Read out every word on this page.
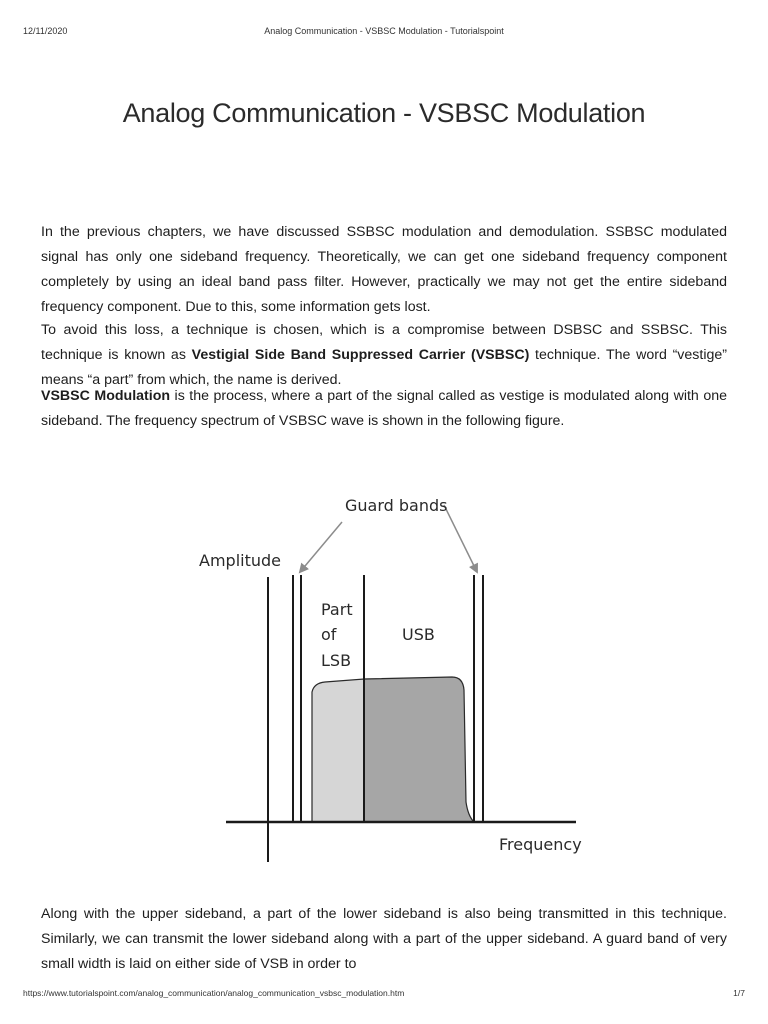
12/11/2020	Analog Communication - VSBSC Modulation - Tutorialspoint
Analog Communication - VSBSC Modulation

In the previous chapters, we have discussed SSBSC modulation and demodulation. SSBSC modulated signal has only one sideband frequency. Theoretically, we can get one sideband frequency component completely by using an ideal band pass filter. However, practically we may not get the entire sideband frequency component. Due to this, some information gets lost.

To avoid this loss, a technique is chosen, which is a compromise between DSBSC and SSBSC. This technique is known as Vestigial Side Band Suppressed Carrier (VSBSC) technique. The word “vestige” means “a part” from which, the name is derived.

VSBSC Modulation is the process, where a part of the signal called as vestige is modulated along with one sideband. The frequency spectrum of VSBSC wave is shown in the following figure.

Guard bands
Amplitude
Part
of
LSB
USB
Frequency

Along with the upper sideband, a part of the lower sideband is also being transmitted in this technique. Similarly, we can transmit the lower sideband along with a part of the upper sideband. A guard band of very small width is laid on either side of VSB in order to

https://www.tutorialspoint.com/analog_communication/analog_communication_vsbsc_modulation.htm	1/7
